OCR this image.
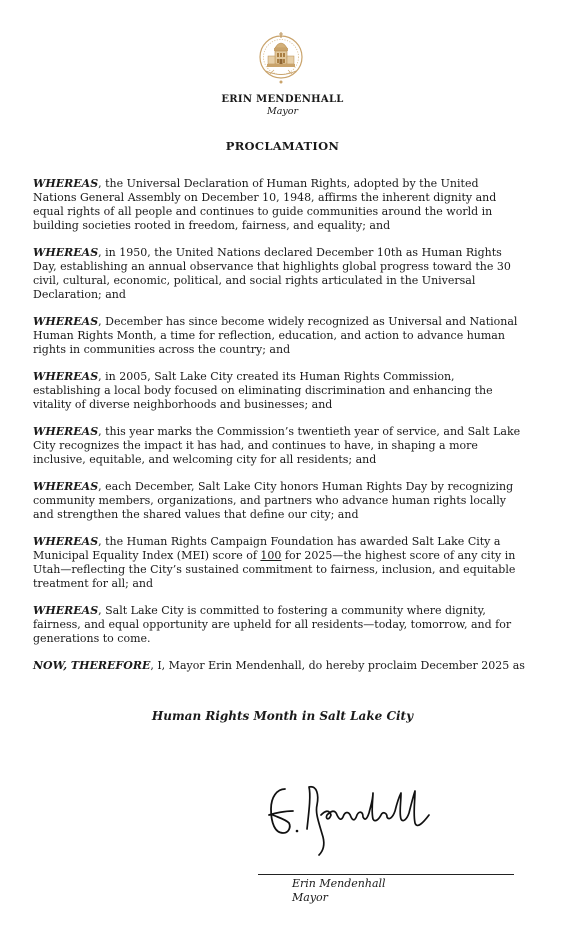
ERIN MENDENHALL
Mayor
PROCLAMATION

WHEREAS, the Universal Declaration of Human Rights, adopted by the United Nations General Assembly on December 10, 1948, affirms the inherent dignity and equal rights of all people and continues to guide communities around the world in building societies rooted in freedom, fairness, and equality; and

WHEREAS, in 1950, the United Nations declared December 10th as Human Rights Day, establishing an annual observance that highlights global progress toward the 30 civil, cultural, economic, political, and social rights articulated in the Universal Declaration; and

WHEREAS, December has since become widely recognized as Universal and National Human Rights Month, a time for reflection, education, and action to advance human rights in communities across the country; and

WHEREAS, in 2005, Salt Lake City created its Human Rights Commission, establishing a local body focused on eliminating discrimination and enhancing the vitality of diverse neighborhoods and businesses; and

WHEREAS, this year marks the Commission’s twentieth year of service, and Salt Lake City recognizes the impact it has had, and continues to have, in shaping a more inclusive, equitable, and welcoming city for all residents; and

WHEREAS, each December, Salt Lake City honors Human Rights Day by recognizing community members, organizations, and partners who advance human rights locally and strengthen the shared values that define our city; and

WHEREAS, the Human Rights Campaign Foundation has awarded Salt Lake City a Municipal Equality Index (MEI) score of 100 for 2025—the highest score of any city in Utah—reflecting the City’s sustained commitment to fairness, inclusion, and equitable treatment for all; and

WHEREAS, Salt Lake City is committed to fostering a community where dignity, fairness, and equal opportunity are upheld for all residents—today, tomorrow, and for generations to come.

NOW, THEREFORE, I, Mayor Erin Mendenhall, do hereby proclaim December 2025 as

Human Rights Month in Salt Lake City
Erin Mendenhall
Mayor
